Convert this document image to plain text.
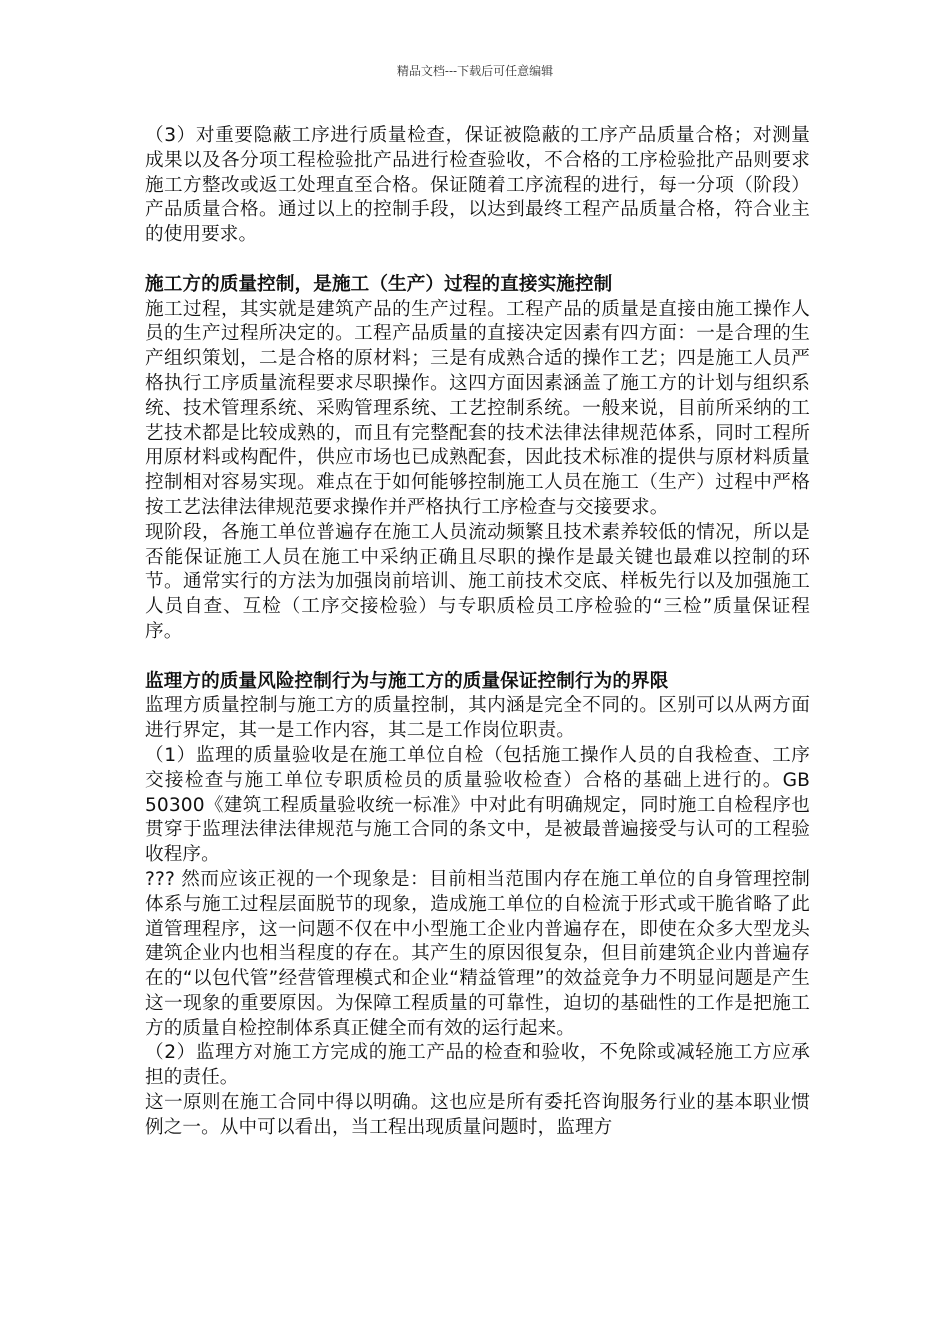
精品文档---下载后可任意编辑

（3）对重要隐蔽工序进行质量检查，保证被隐蔽的工序产品质量合格；对测量成果以及各分项工程检验批产品进行检查验收，不合格的工序检验批产品则要求施工方整改或返工处理直至合格。保证随着工序流程的进行，每一分项（阶段）产品质量合格。通过以上的控制手段，以达到最终工程产品质量合格，符合业主的使用要求。

施工方的质量控制，是施工（生产）过程的直接实施控制

施工过程，其实就是建筑产品的生产过程。工程产品的质量是直接由施工操作人员的生产过程所决定的。工程产品质量的直接决定因素有四方面：一是合理的生产组织策划，二是合格的原材料；三是有成熟合适的操作工艺；四是施工人员严格执行工序质量流程要求尽职操作。这四方面因素涵盖了施工方的计划与组织系统、技术管理系统、采购管理系统、工艺控制系统。一般来说，目前所采纳的工艺技术都是比较成熟的，而且有完整配套的技术法律法律规范体系，同时工程所用原材料或构配件，供应市场也已成熟配套，因此技术标准的提供与原材料质量控制相对容易实现。难点在于如何能够控制施工人员在施工（生产）过程中严格按工艺法律法律规范要求操作并严格执行工序检查与交接要求。

现阶段，各施工单位普遍存在施工人员流动频繁且技术素养较低的情况，所以是否能保证施工人员在施工中采纳正确且尽职的操作是最关键也最难以控制的环节。通常实行的方法为加强岗前培训、施工前技术交底、样板先行以及加强施工人员自查、互检（工序交接检验）与专职质检员工序检验的“三检”质量保证程序。

监理方的质量风险控制行为与施工方的质量保证控制行为的界限

监理方质量控制与施工方的质量控制，其内涵是完全不同的。区别可以从两方面进行界定，其一是工作内容，其二是工作岗位职责。

（1）监理的质量验收是在施工单位自检（包括施工操作人员的自我检查、工序交接检查与施工单位专职质检员的质量验收检查）合格的基础上进行的。GB 50300《建筑工程质量验收统一标准》中对此有明确规定，同时施工自检程序也贯穿于监理法律法律规范与施工合同的条文中，是被最普遍接受与认可的工程验收程序。

??? 然而应该正视的一个现象是：目前相当范围内存在施工单位的自身管理控制体系与施工过程层面脱节的现象，造成施工单位的自检流于形式或干脆省略了此道管理程序，这一问题不仅在中小型施工企业内普遍存在，即使在众多大型龙头建筑企业内也相当程度的存在。其产生的原因很复杂，但目前建筑企业内普遍存在的“以包代管”经营管理模式和企业“精益管理”的效益竞争力不明显问题是产生这一现象的重要原因。为保障工程质量的可靠性，迫切的基础性的工作是把施工方的质量自检控制体系真正健全而有效的运行起来。

（2）监理方对施工方完成的施工产品的检查和验收，不免除或减轻施工方应承担的责任。

这一原则在施工合同中得以明确。这也应是所有委托咨询服务行业的基本职业惯例之一。从中可以看出，当工程出现质量问题时，监理方
